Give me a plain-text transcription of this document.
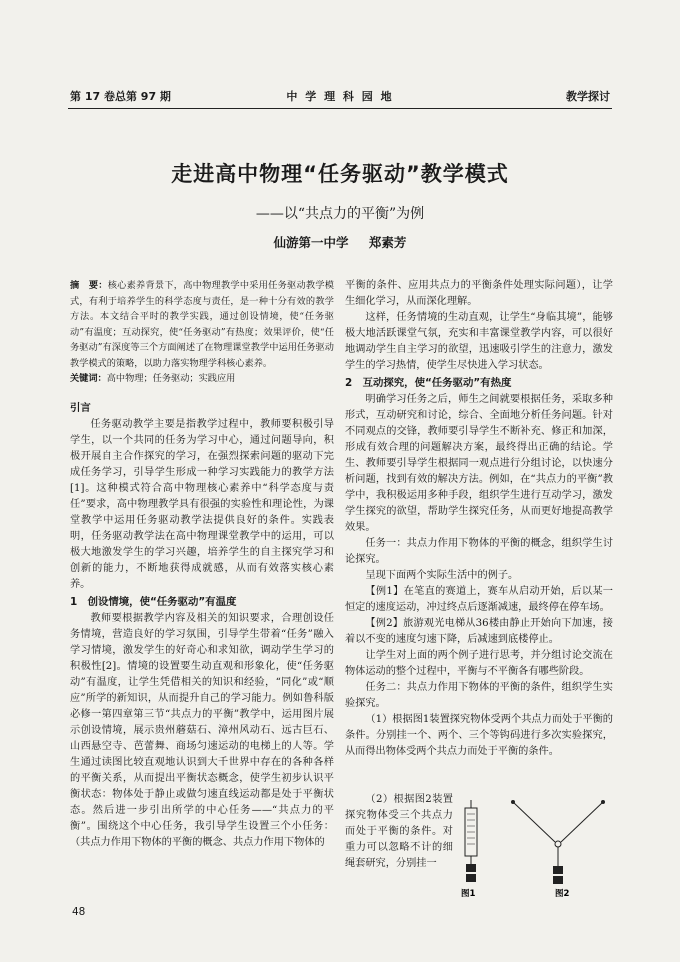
第 17 卷总第 97 期	中 学 理 科 园 地	教学探讨
走进高中物理“任务驱动”教学模式
——以“共点力的平衡”为例
仙游第一中学 郑素芳

摘　要：核心素养背景下，高中物理教学中采用任务驱动教学模式，有利于培养学生的科学态度与责任，是一种十分有效的教学方法。本文结合平时的教学实践，通过创设情境，使“任务驱动”有温度；互动探究，使“任务驱动”有热度；效果评价，使“任务驱动”有深度等三个方面阐述了在物理课堂教学中运用任务驱动教学模式的策略，以助力落实物理学科核心素养。

关键词：高中物理；任务驱动；实践应用

引言

任务驱动教学主要是指教学过程中，教师要积极引导学生，以一个共同的任务为学习中心，通过问题导向，积极开展自主合作探究的学习，在强烈探索问题的驱动下完成任务学习，引导学生形成一种学习实践能力的教学方法[1]。这种模式符合高中物理核心素养中“科学态度与责任”要求，高中物理教学具有很强的实验性和理论性，为课堂教学中运用任务驱动教学法提供良好的条件。实践表明，任务驱动教学法在高中物理课堂教学中的运用，可以极大地激发学生的学习兴趣，培养学生的自主探究学习和创新的能力，不断地获得成就感，从而有效落实核心素养。

1　创设情境，使“任务驱动”有温度

教师要根据教学内容及相关的知识要求，合理创设任务情境，营造良好的学习氛围，引导学生带着“任务”融入学习情境，激发学生的好奇心和求知欲，调动学生学习的积极性[2]。情境的设置要生动直观和形象化，使“任务驱动”有温度，让学生凭借相关的知识和经验，“同化”或“顺应”所学的新知识，从而提升自己的学习能力。例如鲁科版必修一第四章第三节“共点力的平衡”教学中，运用图片展示创设情境，展示贵州蘑菇石、漳州风动石、远古巨石、山西悬空寺、芭蕾舞、商场匀速运动的电梯上的人等。学生通过读图比较直观地认识到大千世界中存在的各种各样的平衡关系，从而提出平衡状态概念，使学生初步认识平衡状态：物体处于静止或做匀速直线运动都是处于平衡状态。然后进一步引出所学的中心任务——“共点力的平衡”。围绕这个中心任务，我引导学生设置三个小任务：（共点力作用下物体的平衡的概念、共点力作用下物体的

平衡的条件、应用共点力的平衡条件处理实际问题），让学生细化学习，从而深化理解。

这样，任务情境的生动直观，让学生“身临其境”，能够极大地活跃课堂气氛，充实和丰富课堂教学内容，可以很好地调动学生自主学习的欲望，迅速吸引学生的注意力，激发学生的学习热情，使学生尽快进入学习状态。

2　互动探究，使“任务驱动”有热度

明确学习任务之后，师生之间就要根据任务，采取多种形式，互动研究和讨论，综合、全面地分析任务问题。针对不同观点的交锋，教师要引导学生不断补充、修正和加深，形成有效合理的问题解决方案，最终得出正确的结论。学生、教师要引导学生根据同一观点进行分组讨论，以快速分析问题，找到有效的解决方法。例如，在“共点力的平衡”教学中，我积极运用多种手段，组织学生进行互动学习，激发学生探究的欲望，帮助学生探究任务，从而更好地提高教学效果。

任务一：共点力作用下物体的平衡的概念，组织学生讨论探究。

呈现下面两个实际生活中的例子。

【例1】在笔直的赛道上，赛车从启动开始，后以某一恒定的速度运动，冲过终点后逐渐减速，最终停在停车场。

【例2】旅游观光电梯从36楼由静止开始向下加速，接着以不变的速度匀速下降，后减速到底楼停止。

让学生对上面的两个例子进行思考，并分组讨论交流在物体运动的整个过程中，平衡与不平衡各有哪些阶段。

任务二：共点力作用下物体的平衡的条件，组织学生实验探究。

（1）根据图1装置探究物体受两个共点力而处于平衡的条件。分别挂一个、两个、三个等钩码进行多次实验探究，从而得出物体受两个共点力而处于平衡的条件。

（2）根据图2装置探究物体受三个共点力而处于平衡的条件。对重力可以忽略不计的细绳套研究，分别挂一

图1	图2
48
